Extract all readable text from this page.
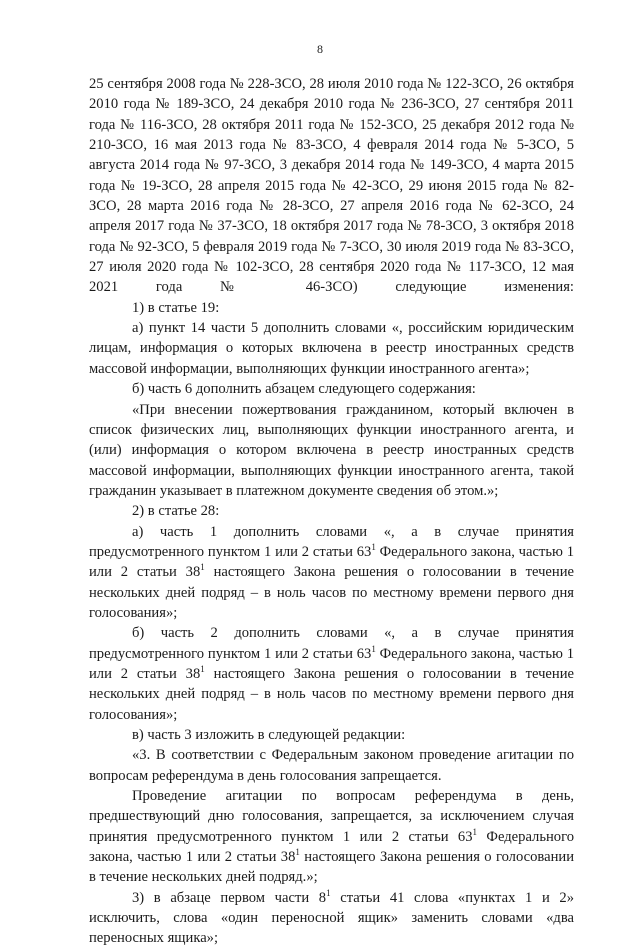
8

25 сентября 2008 года № 228-ЗСО, 28 июля 2010 года № 122-ЗСО, 26 октября 2010 года № 189-ЗСО, 24 декабря 2010 года № 236-ЗСО, 27 сентября 2011 года № 116-ЗСО, 28 октября 2011 года № 152-ЗСО, 25 декабря 2012 года № 210-ЗСО, 16 мая 2013 года № 83-ЗСО, 4 февраля 2014 года № 5-ЗСО, 5 августа 2014 года № 97-ЗСО, 3 декабря 2014 года № 149-ЗСО, 4 марта 2015 года № 19-ЗСО, 28 апреля 2015 года № 42-ЗСО, 29 июня 2015 года № 82-ЗСО, 28 марта 2016 года № 28-ЗСО, 27 апреля 2016 года № 62-ЗСО, 24 апреля 2017 года № 37-ЗСО, 18 октября 2017 года № 78-ЗСО, 3 октября 2018 года № 92-ЗСО, 5 февраля 2019 года № 7-ЗСО, 30 июля 2019 года № 83-ЗСО, 27 июля 2020 года № 102-ЗСО, 28 сентября 2020 года № 117-ЗСО, 12 мая 2021 года № 46-ЗСО) следующие изменения:

1) в статье 19:

а) пункт 14 части 5 дополнить словами «, российским юридическим лицам, информация о которых включена в реестр иностранных средств массовой информации, выполняющих функции иностранного агента»;

б) часть 6 дополнить абзацем следующего содержания:

«При внесении пожертвования гражданином, который включен в список физических лиц, выполняющих функции иностранного агента, и (или) информация о котором включена в реестр иностранных средств массовой информации, выполняющих функции иностранного агента, такой гражданин указывает в платежном документе сведения об этом.»;

2) в статье 28:

а) часть 1 дополнить словами «, а в случае принятия предусмотренного пунктом 1 или 2 статьи $63^1$ Федерального закона, частью 1 или 2 статьи $38^1$ настоящего Закона решения о голосовании в течение нескольких дней подряд – в ноль часов по местному времени первого дня голосования»;

б) часть 2 дополнить словами «, а в случае принятия предусмотренного пунктом 1 или 2 статьи $63^1$ Федерального закона, частью 1 или 2 статьи $38^1$ настоящего Закона решения о голосовании в течение нескольких дней подряд – в ноль часов по местному времени первого дня голосования»;

в) часть 3 изложить в следующей редакции:

«3. В соответствии с Федеральным законом проведение агитации по вопросам референдума в день голосования запрещается.

Проведение агитации по вопросам референдума в день, предшествующий дню голосования, запрещается, за исключением случая принятия предусмотренного пунктом 1 или 2 статьи $63^1$ Федерального закона, частью 1 или 2 статьи $38^1$ настоящего Закона решения о голосовании в течение нескольких дней подряд.»;

3) в абзаце первом части $8^1$ статьи 41 слова «пунктах 1 и 2» исключить, слова «один переносной ящик» заменить словами «два переносных ящика»;
